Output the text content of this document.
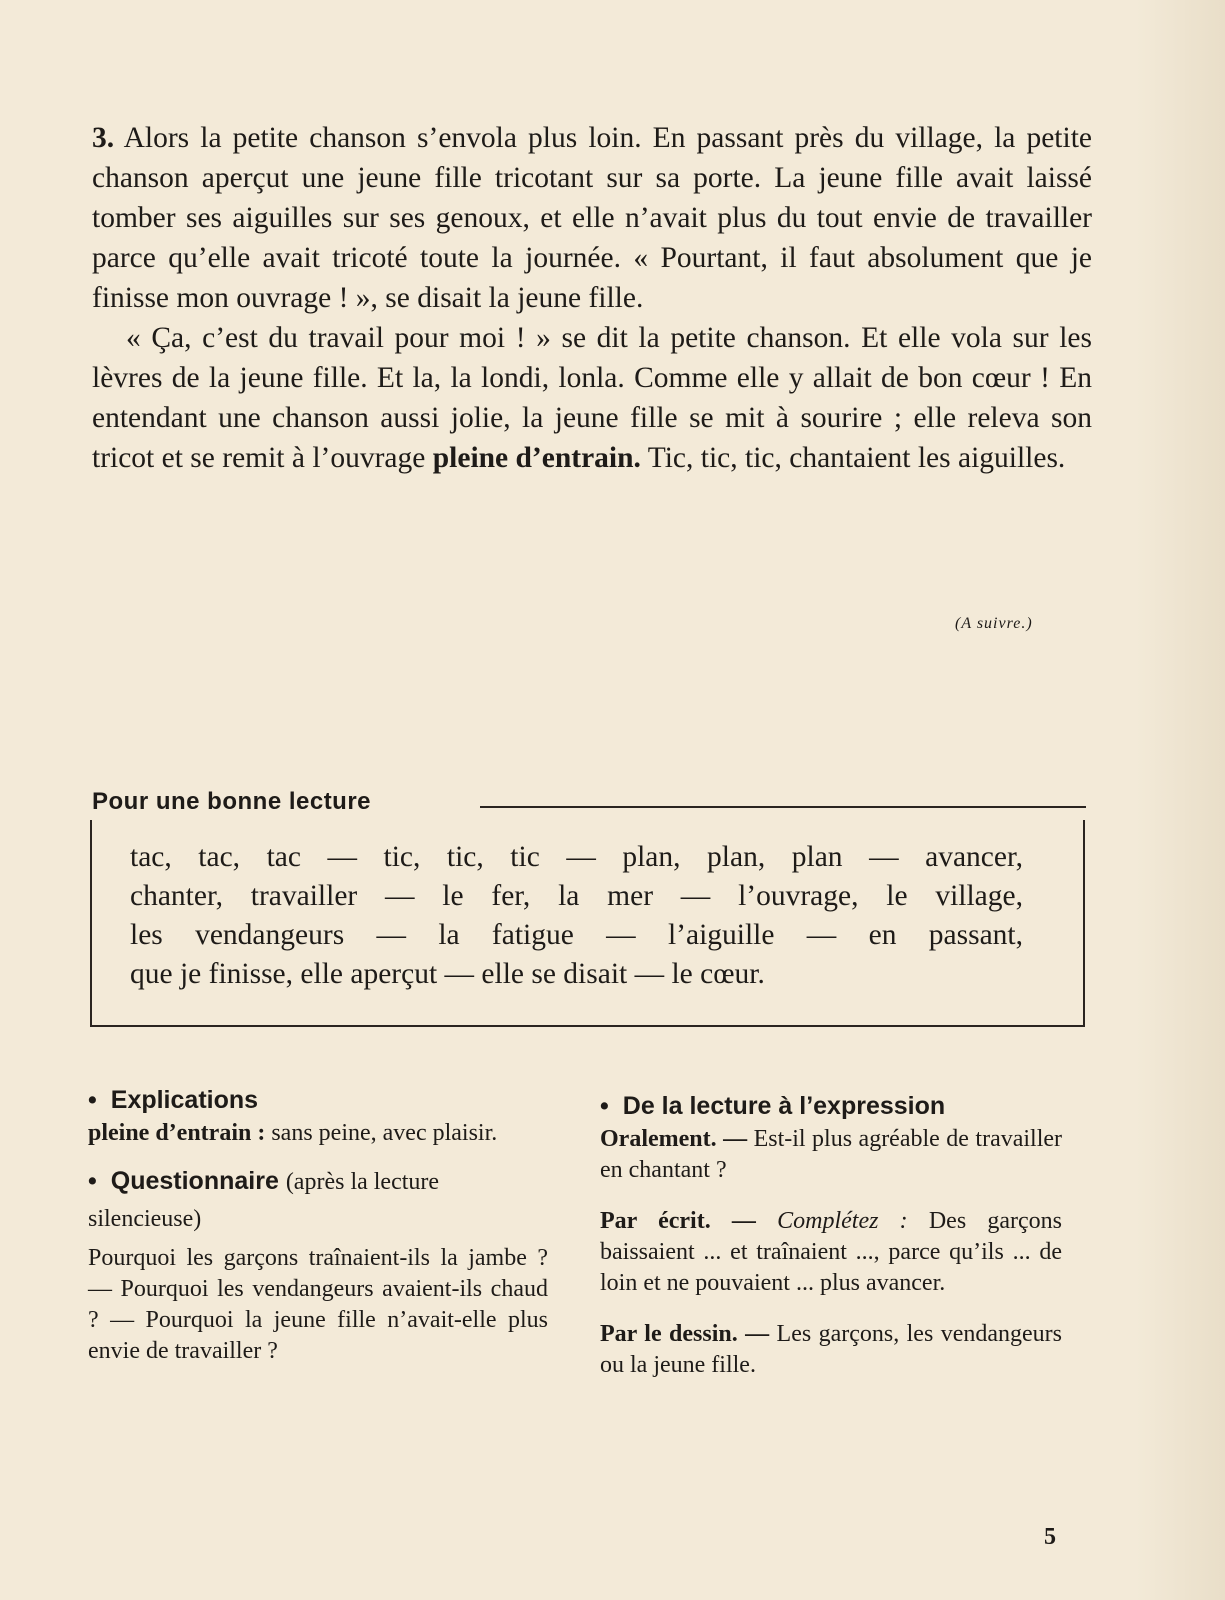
3. Alors la petite chanson s’envola plus loin. En passant près du village, la petite chanson aperçut une jeune fille tricotant sur sa porte. La jeune fille avait laissé tomber ses aiguilles sur ses genoux, et elle n’avait plus du tout envie de travailler parce qu’elle avait tricoté toute la journée. « Pourtant, il faut absolument que je finisse mon ouvrage ! », se disait la jeune fille.

« Ça, c’est du travail pour moi ! » se dit la petite chanson. Et elle vola sur les lèvres de la jeune fille. Et la, la londi, lonla. Comme elle y allait de bon cœur ! En entendant une chanson aussi jolie, la jeune fille se mit à sourire ; elle releva son tricot et se remit à l’ouvrage pleine d’entrain. Tic, tic, tic, chantaient les aiguilles.

(A suivre.)
Pour une bonne lecture
tac, tac, tac — tic, tic, tic — plan, plan, plan — avancer,
chanter, travailler — le fer, la mer — l’ouvrage, le village,
les vendangeurs — la fatigue — l’aiguille — en passant,

que je finisse, elle aperçut — elle se disait — le cœur.

• Explications

pleine d’entrain : sans peine, avec plaisir.

• Questionnaire (après la lecture silencieuse)

Pourquoi les garçons traînaient-ils la jambe ? — Pourquoi les vendangeurs avaient-ils chaud ? — Pourquoi la jeune fille n’avait-elle plus envie de travailler ?

• De la lecture à l’expression

Oralement. — Est-il plus agréable de travailler en chantant ?

Par écrit. — Complétez : Des garçons baissaient ... et traînaient ..., parce qu’ils ... de loin et ne pouvaient ... plus avancer.

Par le dessin. — Les garçons, les vendangeurs ou la jeune fille.

5
